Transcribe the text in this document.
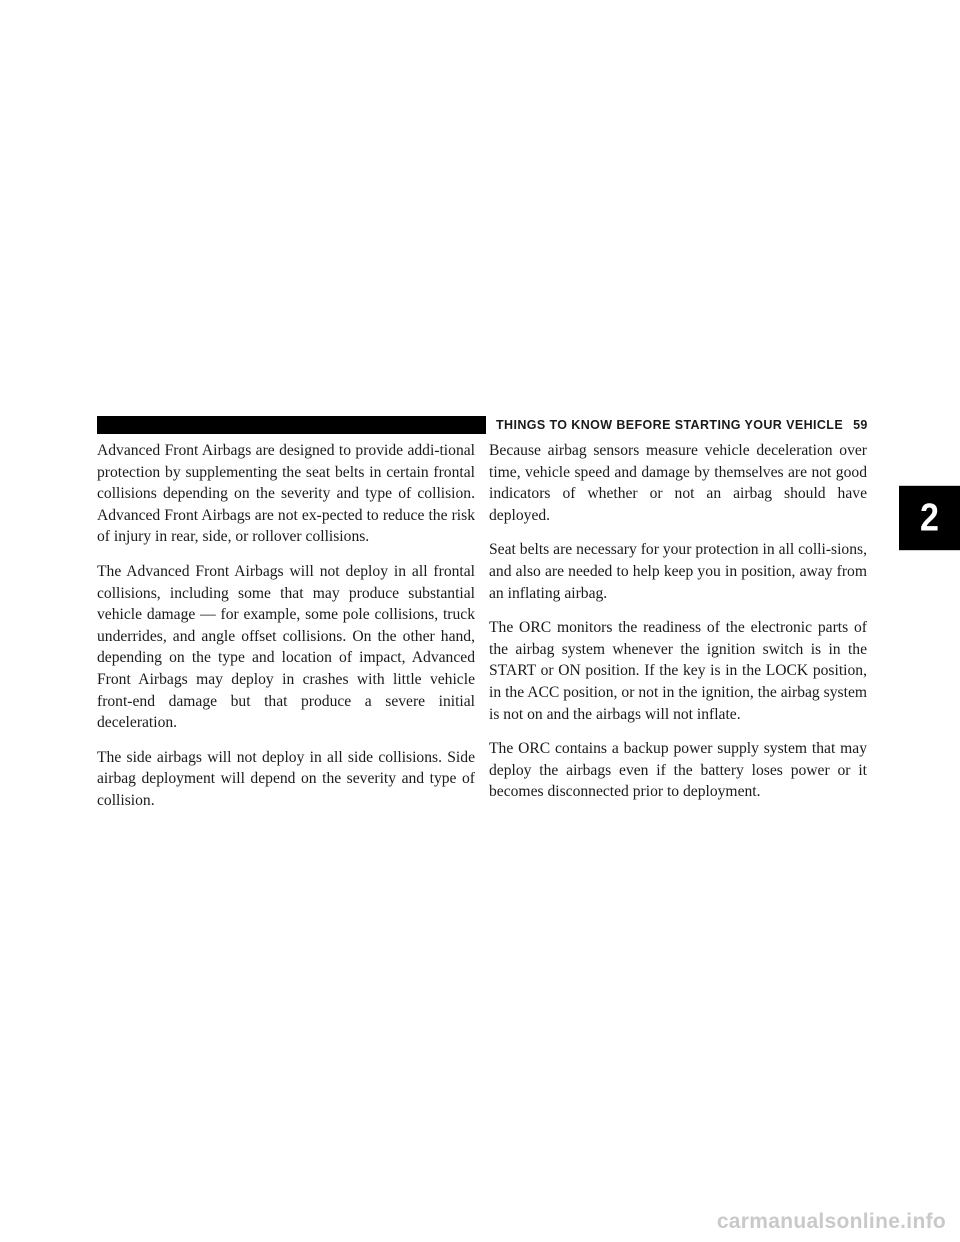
THINGS TO KNOW BEFORE STARTING YOUR VEHICLE 59
2

Advanced Front Airbags are designed to provide addi-tional protection by supplementing the seat belts in certain frontal collisions depending on the severity and type of collision. Advanced Front Airbags are not ex-pected to reduce the risk of injury in rear, side, or rollover collisions.

The Advanced Front Airbags will not deploy in all frontal collisions, including some that may produce substantial vehicle damage — for example, some pole collisions, truck underrides, and angle offset collisions. On the other hand, depending on the type and location of impact, Advanced Front Airbags may deploy in crashes with little vehicle front-end damage but that produce a severe initial deceleration.

The side airbags will not deploy in all side collisions. Side airbag deployment will depend on the severity and type of collision.

Because airbag sensors measure vehicle deceleration over time, vehicle speed and damage by themselves are not good indicators of whether or not an airbag should have deployed.

Seat belts are necessary for your protection in all colli-sions, and also are needed to help keep you in position, away from an inflating airbag.

The ORC monitors the readiness of the electronic parts of the airbag system whenever the ignition switch is in the START or ON position. If the key is in the LOCK position, in the ACC position, or not in the ignition, the airbag system is not on and the airbags will not inflate.

The ORC contains a backup power supply system that may deploy the airbags even if the battery loses power or it becomes disconnected prior to deployment.

carmanualsonline.info
